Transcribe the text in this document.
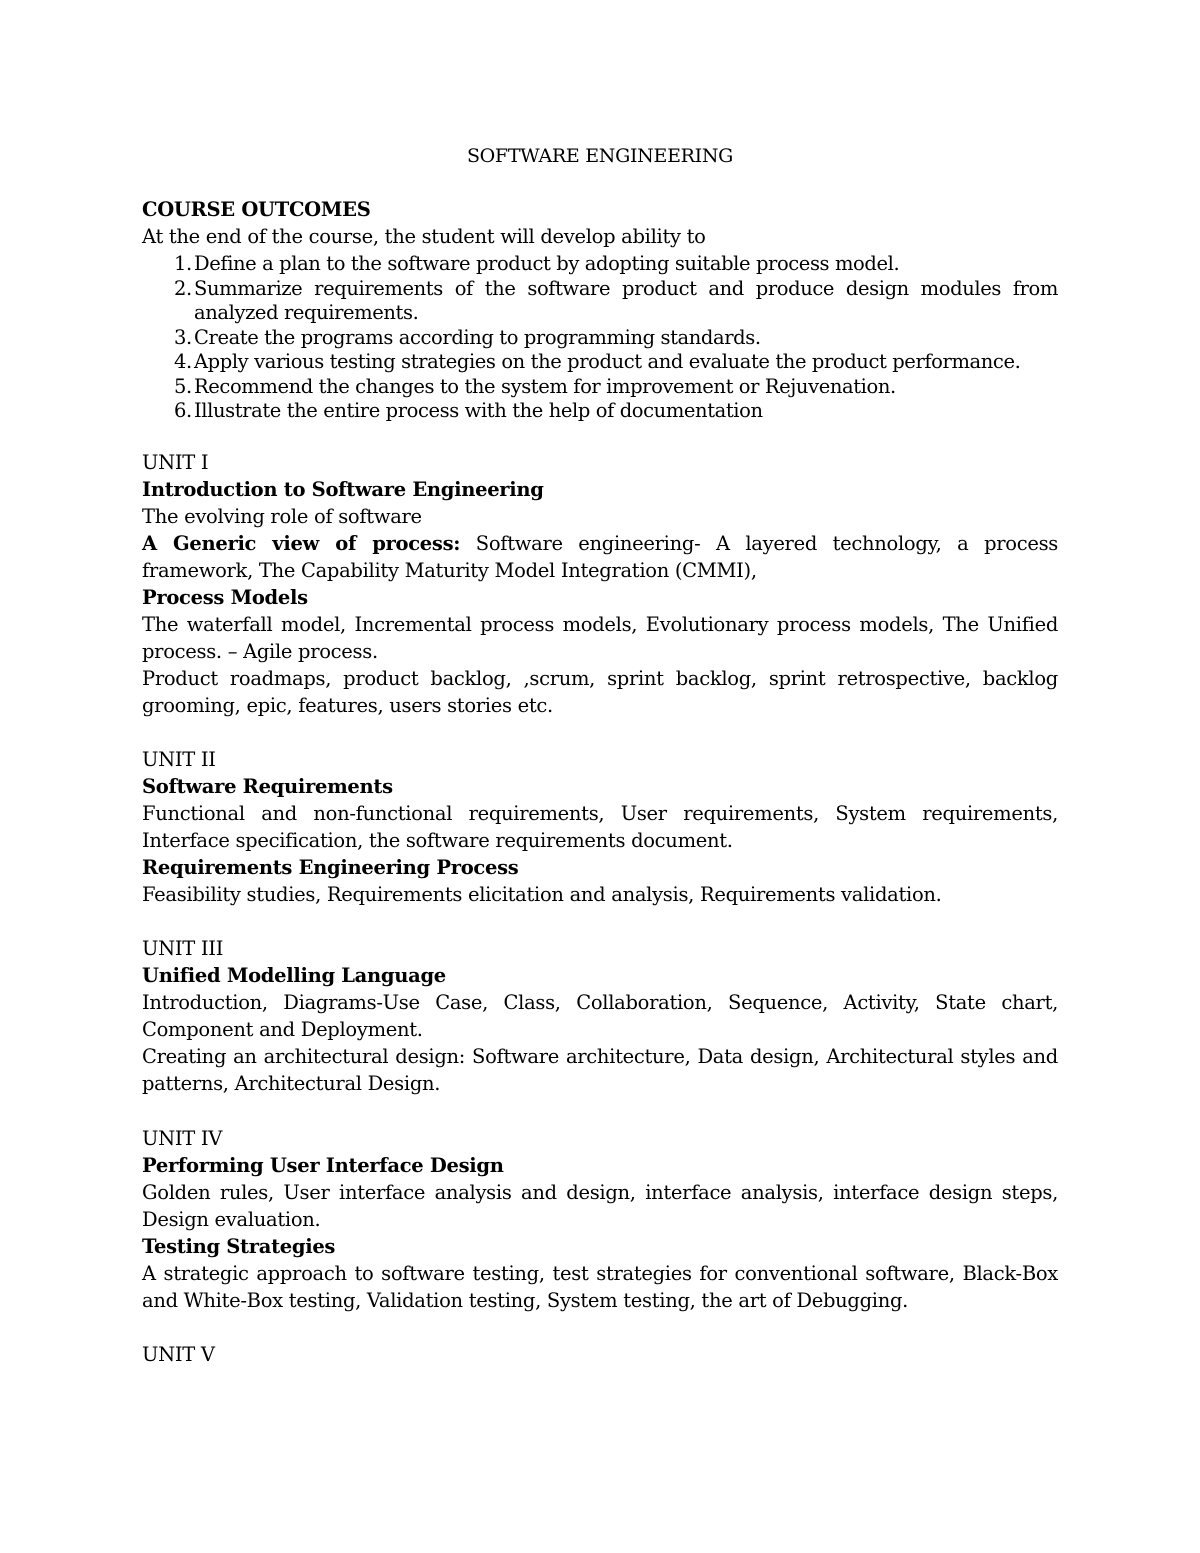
SOFTWARE ENGINEERING
COURSE OUTCOMES
At the end of the course, the student will develop ability to
1. Define a plan to the software product by adopting suitable process model.
2. Summarize requirements of the software product and produce design modules from analyzed requirements.
3. Create the programs according to programming standards.
4. Apply various testing strategies on the product and evaluate the product performance.
5. Recommend the changes to the system for improvement or Rejuvenation.
6. Illustrate the entire process with the help of documentation
UNIT I
Introduction to Software Engineering
The evolving role of software
A Generic view of process: Software engineering- A layered technology, a process framework, The Capability Maturity Model Integration (CMMI),
Process Models
The waterfall model, Incremental process models, Evolutionary process models, The Unified process. – Agile process.
Product roadmaps, product backlog, ,scrum, sprint backlog, sprint retrospective, backlog grooming, epic, features, users stories etc.
UNIT II
Software Requirements
Functional and non-functional requirements, User requirements, System requirements, Interface specification, the software requirements document.
Requirements Engineering Process
Feasibility studies, Requirements elicitation and analysis, Requirements validation.
UNIT III
Unified Modelling Language
Introduction, Diagrams-Use Case, Class, Collaboration, Sequence, Activity, State chart, Component and Deployment.
Creating an architectural design: Software architecture, Data design, Architectural styles and patterns, Architectural Design.
UNIT IV
Performing User Interface Design
Golden rules, User interface analysis and design, interface analysis, interface design steps, Design evaluation.
Testing Strategies
A strategic approach to software testing, test strategies for conventional software, Black-Box and White-Box testing, Validation testing, System testing, the art of Debugging.
UNIT V
